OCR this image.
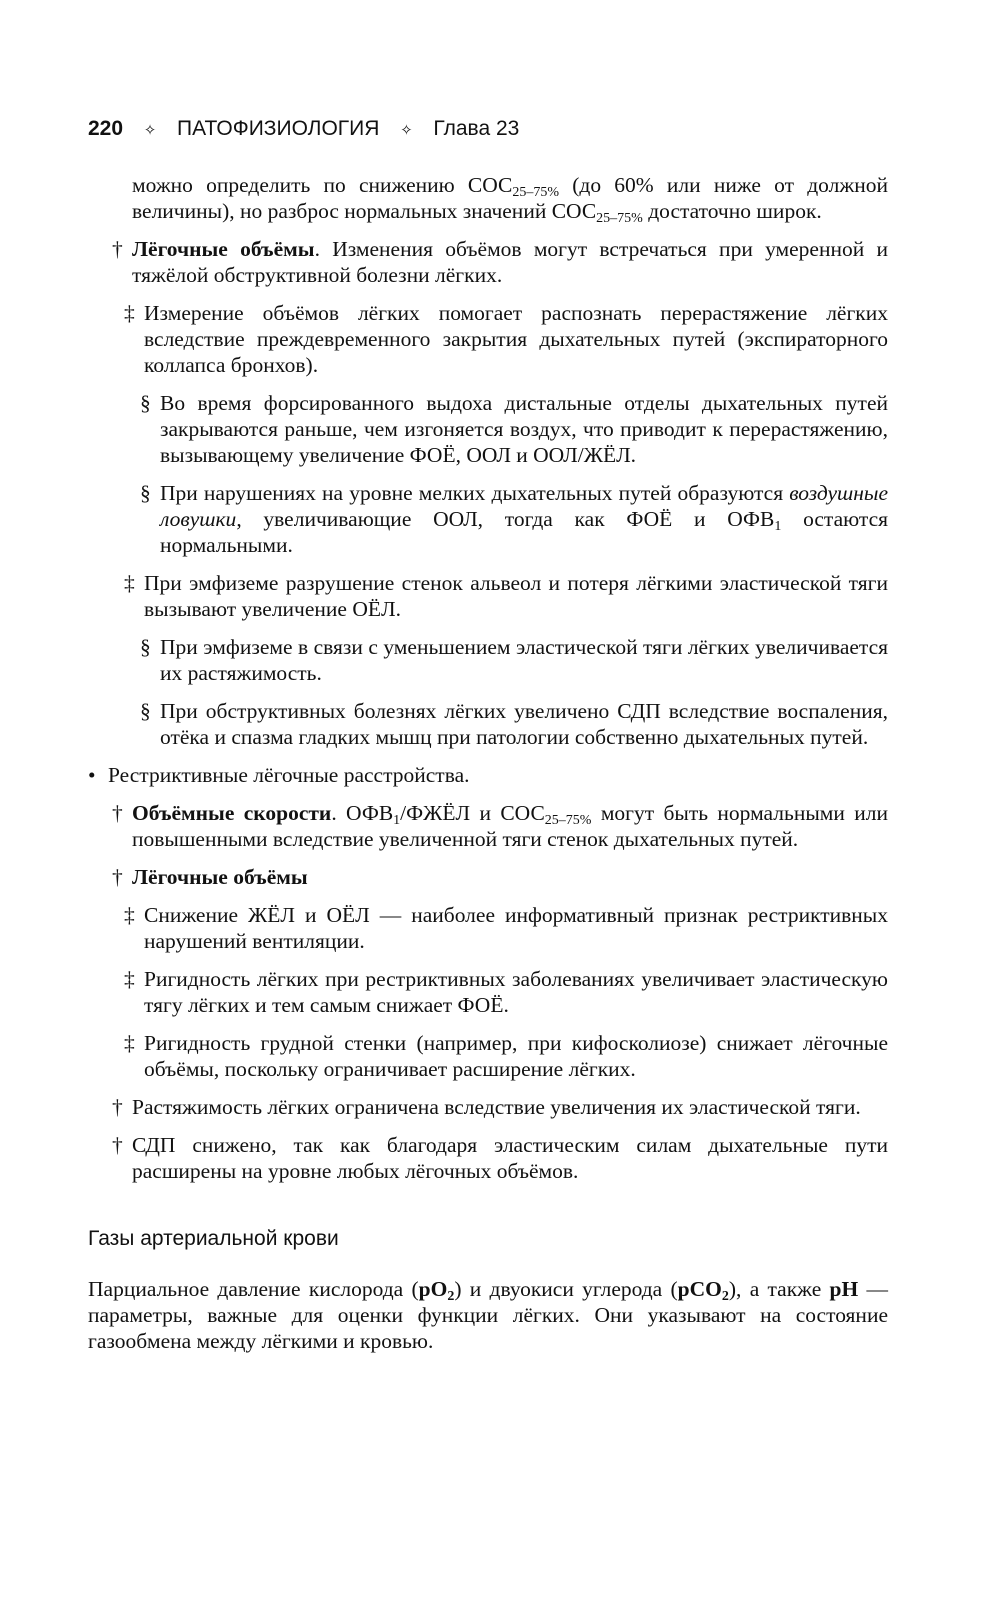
220 ✧ ПАТОФИЗИОЛОГИЯ ✧ Глава 23

можно определить по снижению $СОС_{25-75\%}$ (до 60% или ниже от должной величины), но разброс нормальных значений $СОС_{25-75\%}$ достаточно широк.

† Лёгочные объёмы. Изменения объёмов могут встречаться при умеренной и тяжёлой обструктивной болезни лёгких.

‡ Измерение объёмов лёгких помогает распознать перерастяжение лёгких вследствие преждевременного закрытия дыхательных путей (экспираторного коллапса бронхов).

§ Во время форсированного выдоха дистальные отделы дыхательных путей закрываются раньше, чем изгоняется воздух, что приводит к перерастяжению, вызывающему увеличение ФОЁ, ООЛ и ООЛ/ЖЁЛ.

§ При нарушениях на уровне мелких дыхательных путей образуются воздушные ловушки, увеличивающие ООЛ, тогда как ФОЁ и $ОФВ_1$ остаются нормальными.

‡ При эмфиземе разрушение стенок альвеол и потеря лёгкими эластической тяги вызывают увеличение ОЁЛ.

§ При эмфиземе в связи с уменьшением эластической тяги лёгких увеличивается их растяжимость.

§ При обструктивных болезнях лёгких увеличено СДП вследствие воспаления, отёка и спазма гладких мышц при патологии собственно дыхательных путей.

• Рестриктивные лёгочные расстройства.

† Объёмные скорости. $ОФВ_1$/ФЖЁЛ и $СОС_{25-75\%}$ могут быть нормальными или повышенными вследствие увеличенной тяги стенок дыхательных путей.

† Лёгочные объёмы

‡ Снижение ЖЁЛ и ОЁЛ — наиболее информативный признак рестриктивных нарушений вентиляции.

‡ Ригидность лёгких при рестриктивных заболеваниях увеличивает эластическую тягу лёгких и тем самым снижает ФОЁ.

‡ Ригидность грудной стенки (например, при кифосколиозе) снижает лёгочные объёмы, поскольку ограничивает расширение лёгких.

† Растяжимость лёгких ограничена вследствие увеличения их эластической тяги.

† СДП снижено, так как благодаря эластическим силам дыхательные пути расширены на уровне любых лёгочных объёмов.

Газы артериальной крови

Парциальное давление кислорода $(pO_2)$ и двуокиси углерода (pCO$_2$), а также pH — параметры, важные для оценки функции лёгких. Они указывают на состояние газообмена между лёгкими и кровью.
